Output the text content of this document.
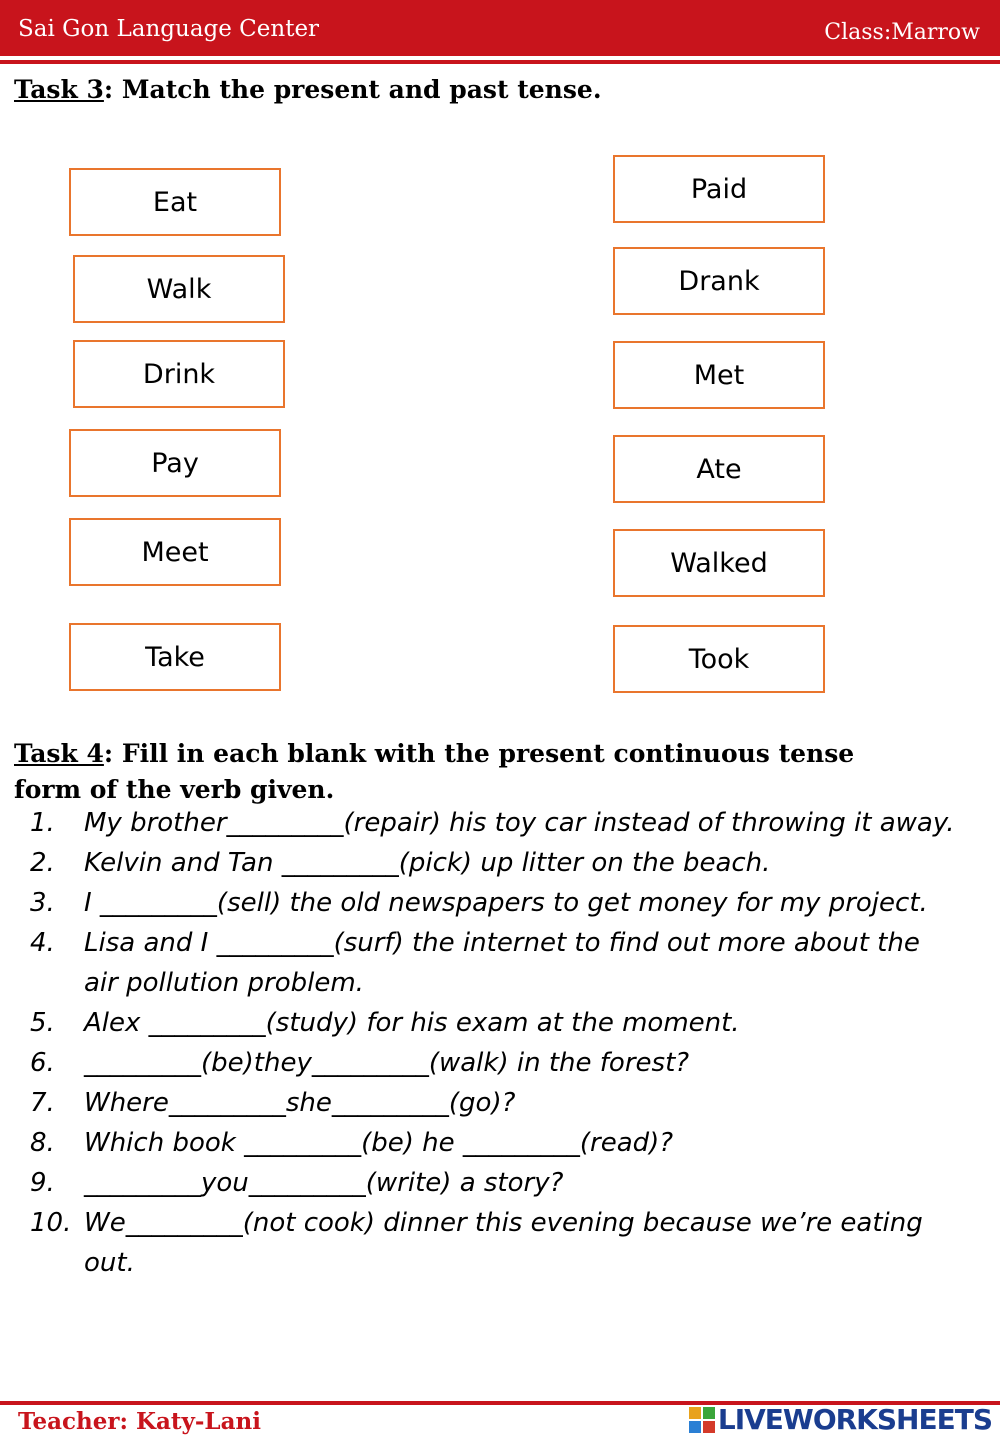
Sai Gon Language Center	Class:Marrow
Task 3: Match the present and past tense.
Eat
Walk
Drink
Pay
Meet
Take
Paid
Drank
Met
Ate
Walked
Took
Task 4: Fill in each blank with the present continuous tense form of the verb given.
1. My brother_________(repair) his toy car instead of throwing it away.
2. Kelvin and Tan _________(pick) up litter on the beach.
3. I _________(sell) the old newspapers to get money for my project.
4. Lisa and I _________(surf) the internet to find out more about the air pollution problem.
5. Alex _________(study) for his exam at the moment.
6. _________(be)they_________(walk) in the forest?
7. Where_________she_________(go)?
8. Which book _________(be) he _________(read)?
9. _________you_________(write) a story?
10. We_________(not cook) dinner this evening because we’re eating out.
Teacher: Katy-Lani	LIVEWORKSHEETS
